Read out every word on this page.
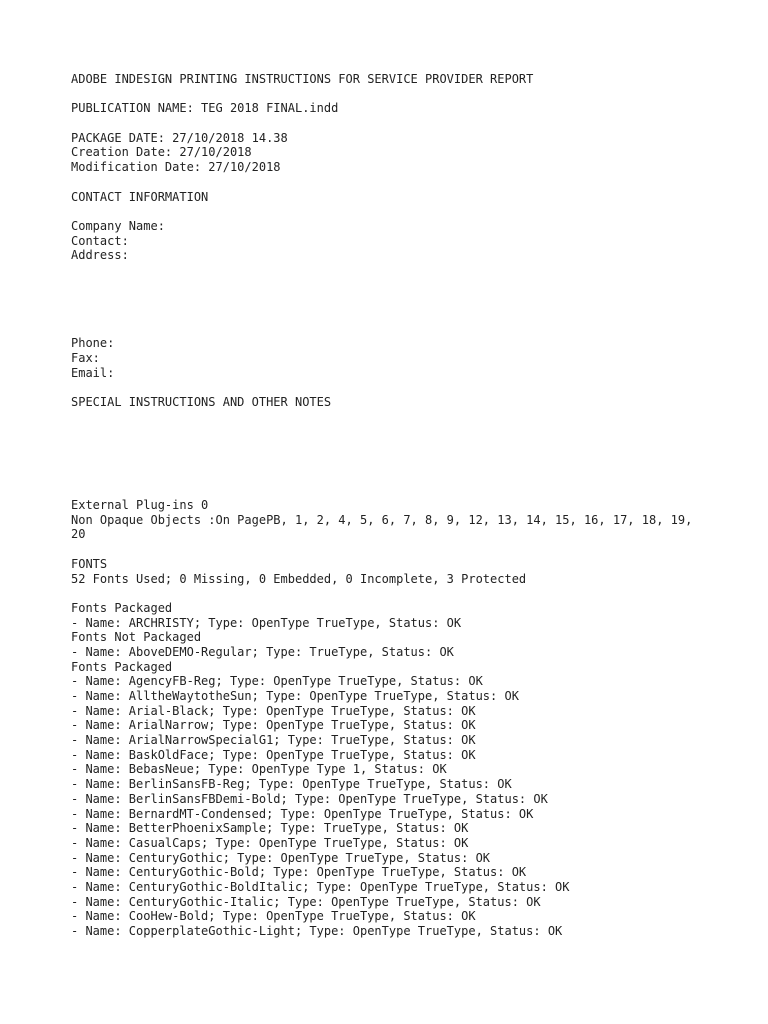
ADOBE INDESIGN PRINTING INSTRUCTIONS FOR SERVICE PROVIDER REPORT
PUBLICATION NAME: TEG 2018 FINAL.indd
PACKAGE DATE: 27/10/2018 14.38
Creation Date: 27/10/2018
Modification Date: 27/10/2018
CONTACT INFORMATION
Company Name:
Contact:
Address:
Phone:
Fax:
Email:
SPECIAL INSTRUCTIONS AND OTHER NOTES
External Plug-ins 0
Non Opaque Objects :On PagePB, 1, 2, 4, 5, 6, 7, 8, 9, 12, 13, 14, 15, 16, 17, 18, 19, 20
FONTS
52 Fonts Used; 0 Missing, 0 Embedded, 0 Incomplete, 3 Protected
Fonts Packaged
- Name: ARCHRISTY; Type: OpenType TrueType, Status: OK
Fonts Not Packaged
- Name: AboveDEMO-Regular; Type: TrueType, Status: OK
Fonts Packaged
- Name: AgencyFB-Reg; Type: OpenType TrueType, Status: OK
- Name: AlltheWaytotheSun; Type: OpenType TrueType, Status: OK
- Name: Arial-Black; Type: OpenType TrueType, Status: OK
- Name: ArialNarrow; Type: OpenType TrueType, Status: OK
- Name: ArialNarrowSpecialG1; Type: TrueType, Status: OK
- Name: BaskOldFace; Type: OpenType TrueType, Status: OK
- Name: BebasNeue; Type: OpenType Type 1, Status: OK
- Name: BerlinSansFB-Reg; Type: OpenType TrueType, Status: OK
- Name: BerlinSansFBDemi-Bold; Type: OpenType TrueType, Status: OK
- Name: BernardMT-Condensed; Type: OpenType TrueType, Status: OK
- Name: BetterPhoenixSample; Type: TrueType, Status: OK
- Name: CasualCaps; Type: OpenType TrueType, Status: OK
- Name: CenturyGothic; Type: OpenType TrueType, Status: OK
- Name: CenturyGothic-Bold; Type: OpenType TrueType, Status: OK
- Name: CenturyGothic-BoldItalic; Type: OpenType TrueType, Status: OK
- Name: CenturyGothic-Italic; Type: OpenType TrueType, Status: OK
- Name: CooHew-Bold; Type: OpenType TrueType, Status: OK
- Name: CopperplateGothic-Light; Type: OpenType TrueType, Status: OK
